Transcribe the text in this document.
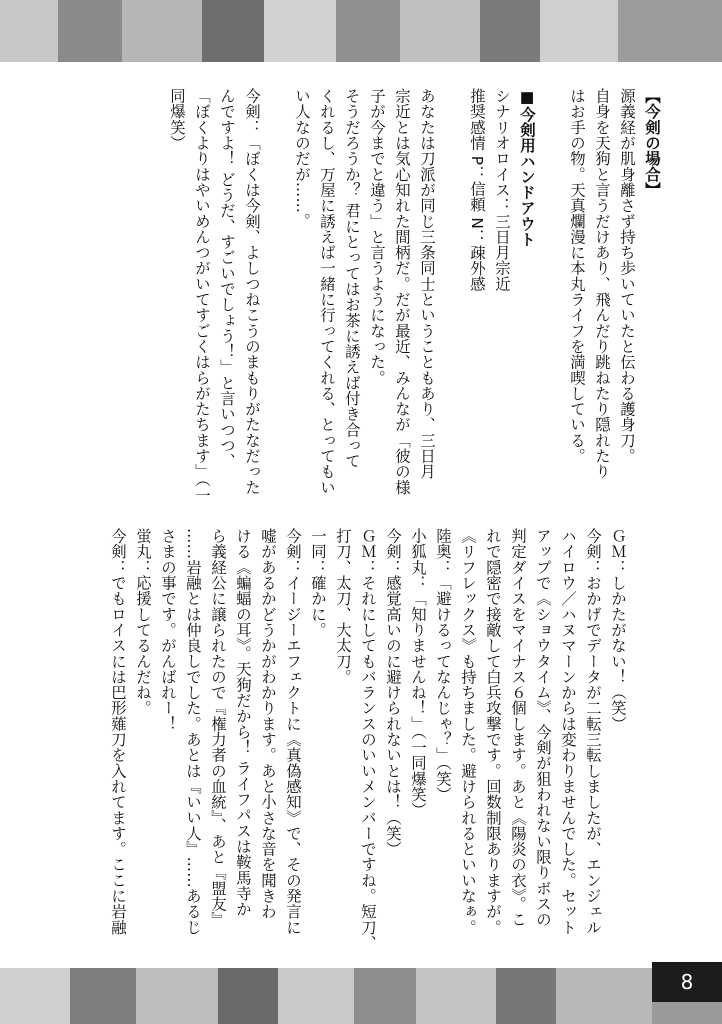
【今剣の場合】
源義経が肌身離さず持ち歩いていたと伝わる護身刀。
自身を天狗と言うだけあり、飛んだり跳ねたり隠れたり
はお手の物。天真爛漫に本丸ライフを満喫している。

■ 今剣用ハンドアウト
シナリオロイス：三日月宗近
推奨感情 P：信頼 N：疎外感

あなたは刀派が同じ三条同士ということもあり、三日月
宗近とは気心知れた間柄だ。だが最近、みんなが「彼の様
子が今までと違う」と言うようになった。
そうだろうか？ 君にとってはお茶に誘えば付き合って
くれるし、万屋に誘えば一緒に行ってくれる、とってもい
い人なのだが……。

今剣：「ぼくは今剣、よしつねこうのまもりがたなだった
んですよ！ どうだ、すごいでしょう！」と言いつつ、
「ぼくよりはやいめんつがいてすごくはらがたちます」（一
同爆笑）
ＧＭ：しかたがない！（笑）
今剣：おかげでデータが二転三転しましたが、エンジェル
ハイロウ／ハヌマーンからは変わりませんでした。セット
アップで《ショウタイム》、今剣が狙われない限りボスの
判定ダイスをマイナス６個します。あと《陽炎の衣》。こ
れで隠密で接敵して白兵攻撃です。回数制限ありますが。
《リフレックス》も持ちました。避けられるといいなぁ。
陸奥：「避けるってなんじゃ？」（笑）
小狐丸：「知りませんね！」（一同爆笑）
今剣：感覚高いのに避けられないとは！（笑）
ＧＭ：それにしてもバランスのいいメンバーですね。短刀、
打刀、太刀、大太刀。
一同：確かに。
今剣：イージーエフェクトに《真偽感知》で、その発言に
嘘があるかどうかがわかります。あと小さな音を聞きわ
ける《蝙蝠の耳》。天狗だから！ ライフパスは鞍馬寺か
ら義経公に譲られたので『権力者の血統』、あと『盟友』
……岩融とは仲良しでした。あとは『いい人』……あるじ
さまの事です。がんばれー！
蛍丸：応援してるんだね。
今剣：でもロイスには巴形薙刀を入れてます。ここに岩融
8
